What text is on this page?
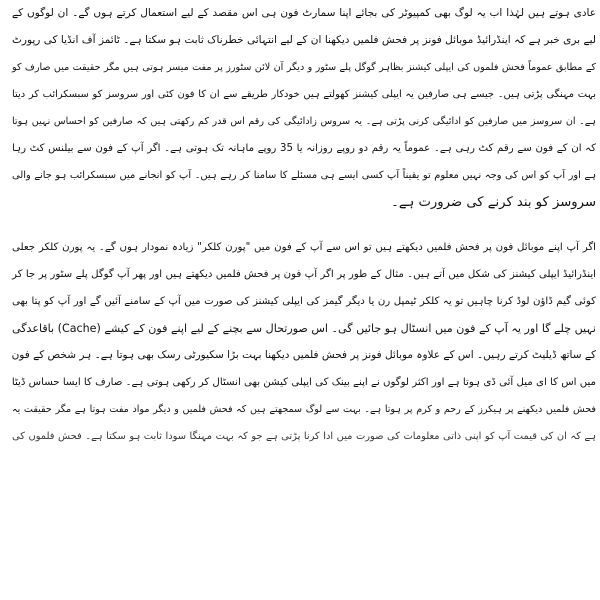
عادی ہوتے ہیں لہٰذا اب یہ لوگ بھی کمپیوٹر کی بجائے اپنا سمارٹ فون ہی اس مقصد کے لیے استعمال کرتے ہوں گے۔ ان لوگوں کے
لیے بری خبر ہے کہ اینڈرائیڈ موبائل فونز پر فحش فلمیں دیکھنا ان کے لیے انتہائی خطرناک ثابت ہو سکتا ہے۔ ٹائمز آف انڈیا کی رپورٹ
کے مطابق عموماً فحش فلموں کی ایپلی کیشنز بظاہر گوگل پلے سٹور و دیگر آن لائن سٹورز پر مفت میسر ہوتی ہیں مگر حقیقت میں صارف کو
بہت مہنگی پڑتی ہیں۔ جیسے ہی صارفین یہ ایپلی کیشنز کھولتے ہیں خودکار طریقے سے ان کا فون کئی اور سروسز کو سبسکرائب کر دیتا
ہے۔ ان سروسز میں صارفین کو ادائیگی کرنی پڑتی ہے۔ یہ سروس زادائیگی کی رقم اس قدر کم رکھتی ہیں کہ صارفین کو احساس نہیں ہوتا
کہ ان کے فون سے رقم کٹ رہی ہے۔ عموماً یہ رقم دو روپے روزانہ یا 35 روپے ماہانہ تک ہوتی ہے۔ اگر آپ کے فون سے بیلنس کٹ رہا
ہے اور آپ کو اس کی وجہ نہیں معلوم تو یقیناً آپ کسی ایسے ہی مسئلے کا سامنا کر رہے ہیں۔ آپ کو انجانے میں سبسکرائب ہو جانے والی
سروسز کو بند کرنے کی ضرورت ہے۔
اگر آپ اپنے موبائل فون پر فحش فلمیں دیکھتے ہیں تو اس سے آپ کے فون میں "پورن کلکر" زیادہ نمودار ہوں گے۔ یہ پورن کلکر جعلی
اینڈرائیڈ ایپلی کیشنز کی شکل میں آتے ہیں۔ مثال کے طور پر اگر آپ فون پر فحش فلمیں دیکھتے ہیں اور پھر آپ گوگل پلے سٹور پر جا کر
کوئی گیم ڈاؤن لوڈ کرنا چاہیں تو یہ کلکر ٹیمپل رن یا دیگر گیمز کی ایپلی کیشنز کی صورت میں آپ کے سامنے آئیں گے اور آپ کو پتا بھی
نہیں چلے گا اور یہ آپ کے فون میں انسٹال ہو جائیں گی۔ اس صورتحال سے بچنے کے لیے اپنے فون کے کیشے (Cache) باقاعدگی
کے ساتھ ڈیلیٹ کرتے رہیں۔ اس کے علاوہ موبائل فونز پر فحش فلمیں دیکھنا بہت بڑا سکیورٹی رسک بھی ہوتا ہے۔ ہر شخص کے فون
میں اس کا ای میل آئی ڈی ہوتا ہے اور اکثر لوگوں نے اپنے بینک کی ایپلی کیشن بھی انسٹال کر رکھی ہوتی ہے۔ صارف کا ایسا حساس ڈیٹا
فحش فلمیں دیکھنے پر ہیکرز کے رحم و کرم پر ہوتا ہے۔ بہت سے لوگ سمجھتے ہیں کہ فحش فلمیں و دیگر مواد مفت ہوتا ہے مگر حقیقت یہ
ہے کہ ان کی قیمت آپ کو اپنی ذاتی معلومات کی صورت میں ادا کرنا پڑتی ہے جو کہ بہت مہنگا سودا ثابت ہو سکتا ہے۔ فحش فلموں کی
